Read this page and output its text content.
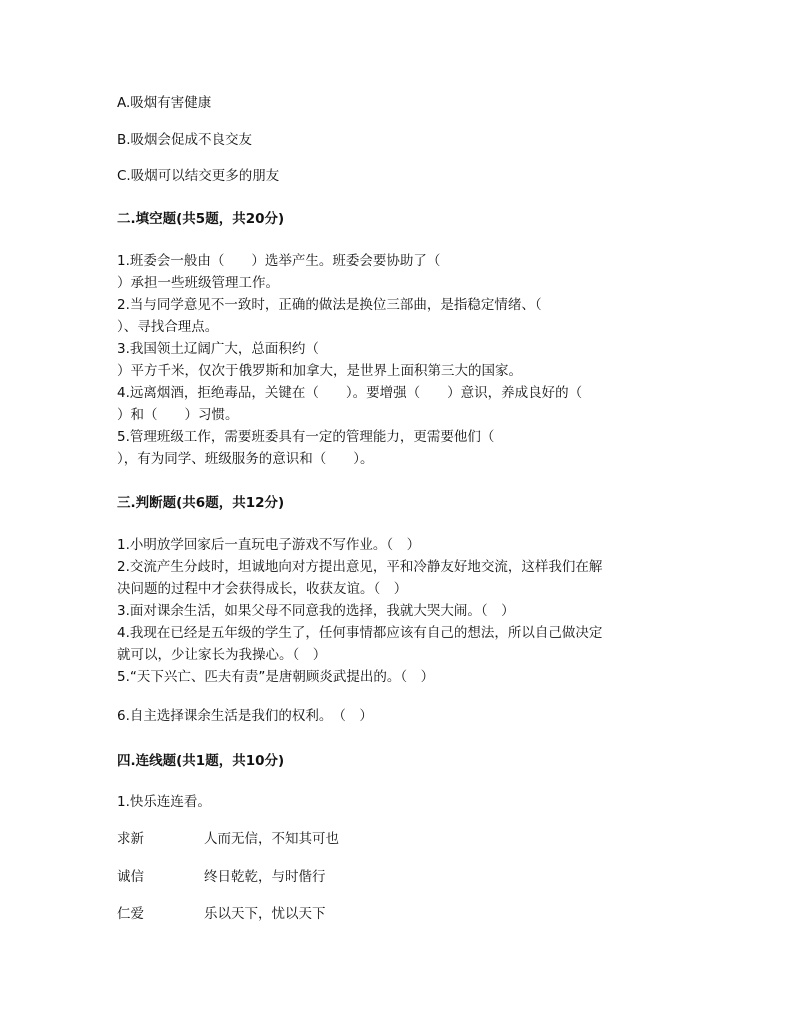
A.吸烟有害健康
B.吸烟会促成不良交友
C.吸烟可以结交更多的朋友
二.填空题(共5题，共20分)
1.班委会一般由（　　）选举产生。班委会要协助了（
）承担一些班级管理工作。
2.当与同学意见不一致时，正确的做法是换位三部曲，是指稳定情绪、（
）、寻找合理点。
3.我国领土辽阔广大，总面积约（
）平方千米，仅次于俄罗斯和加拿大，是世界上面积第三大的国家。
4.远离烟酒，拒绝毒品，关键在（　　）。要增强（　　）意识，养成良好的（
）和（　　）习惯。
5.管理班级工作，需要班委具有一定的管理能力，更需要他们（
），有为同学、班级服务的意识和（　　）。
三.判断题(共6题，共12分)
1.小明放学回家后一直玩电子游戏不写作业。（　）
2.交流产生分歧时，坦诚地向对方提出意见，平和冷静友好地交流，这样我们在解
决问题的过程中才会获得成长，收获友谊。（　）
3.面对课余生活，如果父母不同意我的选择，我就大哭大闹。（　）
4.我现在已经是五年级的学生了，任何事情都应该有自己的想法，所以自己做决定
就可以，少让家长为我操心。（　）
5.“天下兴亡、匹夫有责”是唐朝顾炎武提出的。（　）
6.自主选择课余生活是我们的权利。　（　）
四.连线题(共1题，共10分)
1.快乐连连看。
求新	人而无信，不知其可也
诚信	终日乾乾，与时偕行
仁爱	乐以天下，忧以天下
